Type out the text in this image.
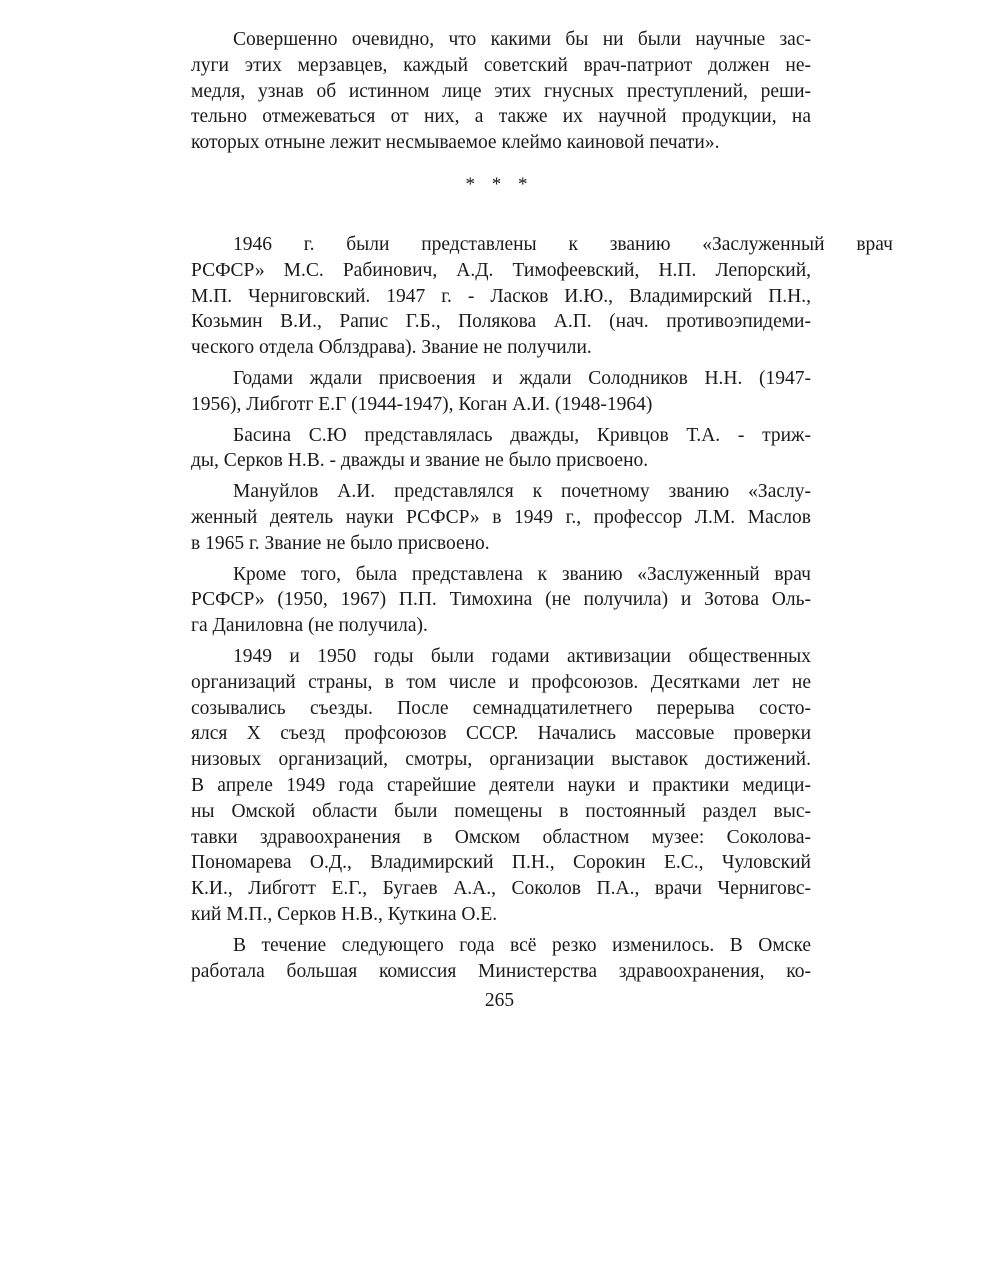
Совершенно очевидно, что какими бы ни были научные зас-
луги этих мерзавцев, каждый советский врач-патриот должен не-
медля, узнав об истинном лице этих гнусных преступлений, реши-
тельно отмежеваться от них, а также их научной продукции, на
которых отныне лежит несмываемое клеймо каиновой печати».
* * *
1946 г. были представлены к званию «Заслуженный врач
РСФСР» М.С. Рабинович, А.Д. Тимофеевский, Н.П. Лепорский,
М.П. Черниговский. 1947 г. - Ласков И.Ю., Владимирский П.Н.,
Козьмин В.И., Рапис Г.Б., Полякова А.П. (нач. противоэпидеми-
ческого отдела Облздрава). Звание не получили.
Годами ждали присвоения и ждали Солодников Н.Н. (1947-
1956), Либготг Е.Г (1944-1947), Коган А.И. (1948-1964)
Басина С.Ю представлялась дважды, Кривцов Т.А. - триж-
ды, Серков Н.В. - дважды и звание не было присвоено.
Мануйлов А.И. представлялся к почетному званию «Заслу-
женный деятель науки РСФСР» в 1949 г., профессор Л.М. Маслов
в 1965 г. Звание не было присвоено.
Кроме того, была представлена к званию «Заслуженный врач
РСФСР» (1950, 1967) П.П. Тимохина (не получила) и Зотова Оль-
га Даниловна (не получила).
1949 и 1950 годы были годами активизации общественных
организаций страны, в том числе и профсоюзов. Десятками лет не
созывались съезды. После семнадцатилетнего перерыва состо-
ялся X съезд профсоюзов СССР. Начались массовые проверки
низовых организаций, смотры, организации выставок достижений.
В апреле 1949 года старейшие деятели науки и практики медици-
ны Омской области были помещены в постоянный раздел выс-
тавки здравоохранения в Омском областном музее: Соколова-
Пономарева О.Д., Владимирский П.Н., Сорокин Е.С., Чуловский
К.И., Либготт Е.Г., Бугаев А.А., Соколов П.А., врачи Черниговс-
кий М.П., Серков Н.В., Куткина О.Е.
В течение следующего года всё резко изменилось. В Омске
работала большая комиссия Министерства здравоохранения, ко-
265
